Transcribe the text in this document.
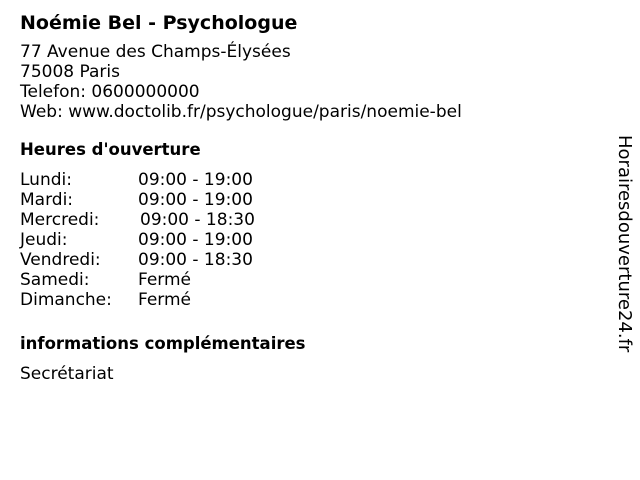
Noémie Bel - Psychologue
77 Avenue des Champs-Élysées
75008 Paris
Telefon: 0600000000
Web: www.doctolib.fr/psychologue/paris/noemie-bel
Heures d'ouverture
Lundi:	09:00 - 19:00
Mardi:	09:00 - 19:00
Mercredi: 09:00 - 18:30
Jeudi:	09:00 - 19:00
Vendredi: 09:00 - 18:30
Samedi:	Fermé
Dimanche: Fermé
informations complémentaires
Secrétariat
Horairesdouverture24.fr
